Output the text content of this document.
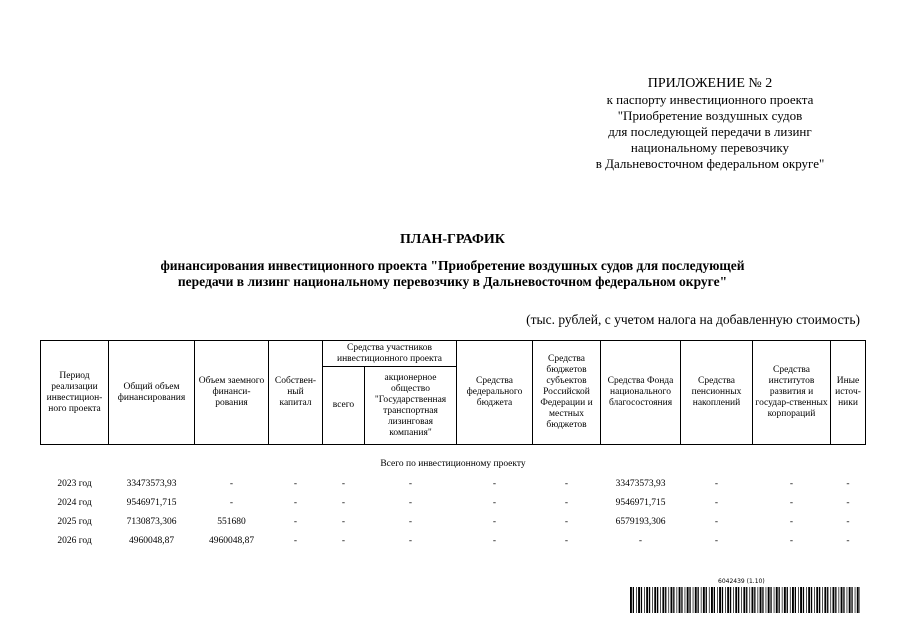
ПРИЛОЖЕНИЕ № 2
к паспорту инвестиционного проекта
"Приобретение воздушных судов
для последующей передачи в лизинг
национальному перевозчику
в Дальневосточном федеральном округе"
ПЛАН-ГРАФИК
финансирования инвестиционного проекта "Приобретение воздушных судов для последующей
передачи в лизинг национальному перевозчику в Дальневосточном федеральном округе"
(тыс. рублей, с учетом налога на добавленную стоимость)
Период реализации инвестицион-ного проекта	Общий объем финансирования	Объем заемного финанси-рования	Собствен-ный капитал	Средства участников инвестиционного проекта		Средства федерального бюджета	Средства бюджетов субъектов Российской Федерации и местных бюджетов	Средства Фонда национального благосостояния	Средства пенсионных накоплений	Средства институтов развития и государ-ственных корпораций	Иные источ-ники
				всего	акционерное общество "Государственная транспортная лизинговая компания"						
Всего по инвестиционному проекту											
2023 год	33473573,93	-	-	-	-	-	-	33473573,93	-	-	-
2024 год	9546971,715	-	-	-	-	-	-	9546971,715	-	-	-
2025 год	7130873,306	551680	-	-	-	-	-	6579193,306	-	-	-
2026 год	4960048,87	4960048,87	-	-	-	-	-	-	-	-	-
6042439 (1.10)
